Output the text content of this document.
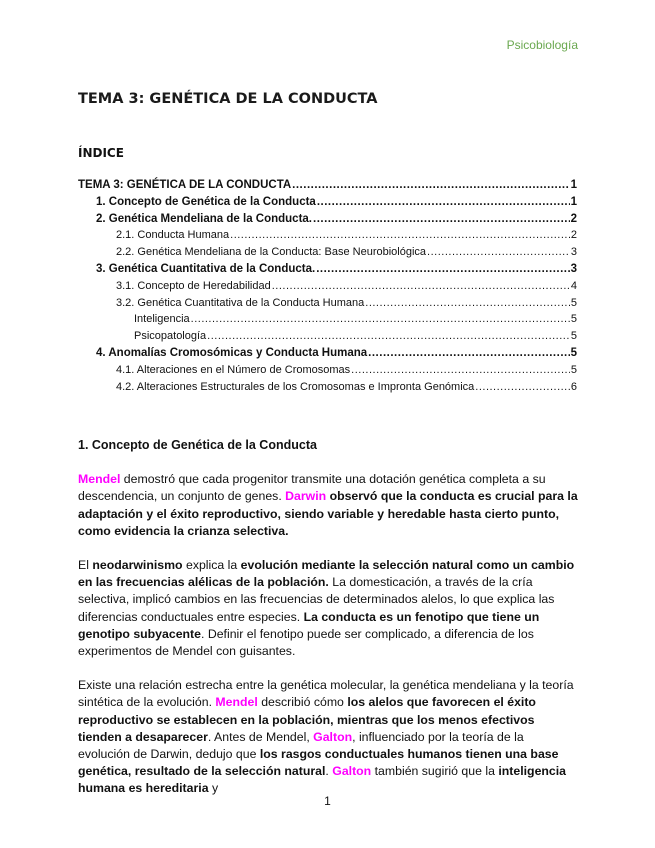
Psicobiología
TEMA 3: GENÉTICA DE LA CONDUCTA
ÍNDICE
TEMA 3: GENÉTICA DE LA CONDUCTA .....	1
1. Concepto de Genética de la Conducta .....	1
2. Genética Mendeliana de la Conducta. .....	2
2.1. Conducta Humana .....	2
2.2. Genética Mendeliana de la Conducta: Base Neurobiológica .....	3
3. Genética Cuantitativa de la Conducta. .....	3
3.1. Concepto de Heredabilidad .....	4
3.2. Genética Cuantitativa de la Conducta Humana .....	5
Inteligencia .....	5
Psicopatología .....	5
4. Anomalías Cromosómicas y Conducta Humana .....	5
4.1. Alteraciones en el Número de Cromosomas .....	5
4.2. Alteraciones Estructurales de los Cromosomas e Impronta Genómica .....	6
1. Concepto de Genética de la Conducta

Mendel demostró que cada progenitor transmite una dotación genética completa a su descendencia, un conjunto de genes. Darwin observó que la conducta es crucial para la adaptación y el éxito reproductivo, siendo variable y heredable hasta cierto punto, como evidencia la crianza selectiva.

El neodarwinismo explica la evolución mediante la selección natural como un cambio en las frecuencias alélicas de la población. La domesticación, a través de la cría selectiva, implicó cambios en las frecuencias de determinados alelos, lo que explica las diferencias conductuales entre especies. La conducta es un fenotipo que tiene un genotipo subyacente. Definir el fenotipo puede ser complicado, a diferencia de los experimentos de Mendel con guisantes.

Existe una relación estrecha entre la genética molecular, la genética mendeliana y la teoría sintética de la evolución. Mendel describió cómo los alelos que favorecen el éxito reproductivo se establecen en la población, mientras que los menos efectivos tienden a desaparecer. Antes de Mendel, Galton, influenciado por la teoría de la evolución de Darwin, dedujo que los rasgos conductuales humanos tienen una base genética, resultado de la selección natural. Galton también sugirió que la inteligencia humana es hereditaria y

1
